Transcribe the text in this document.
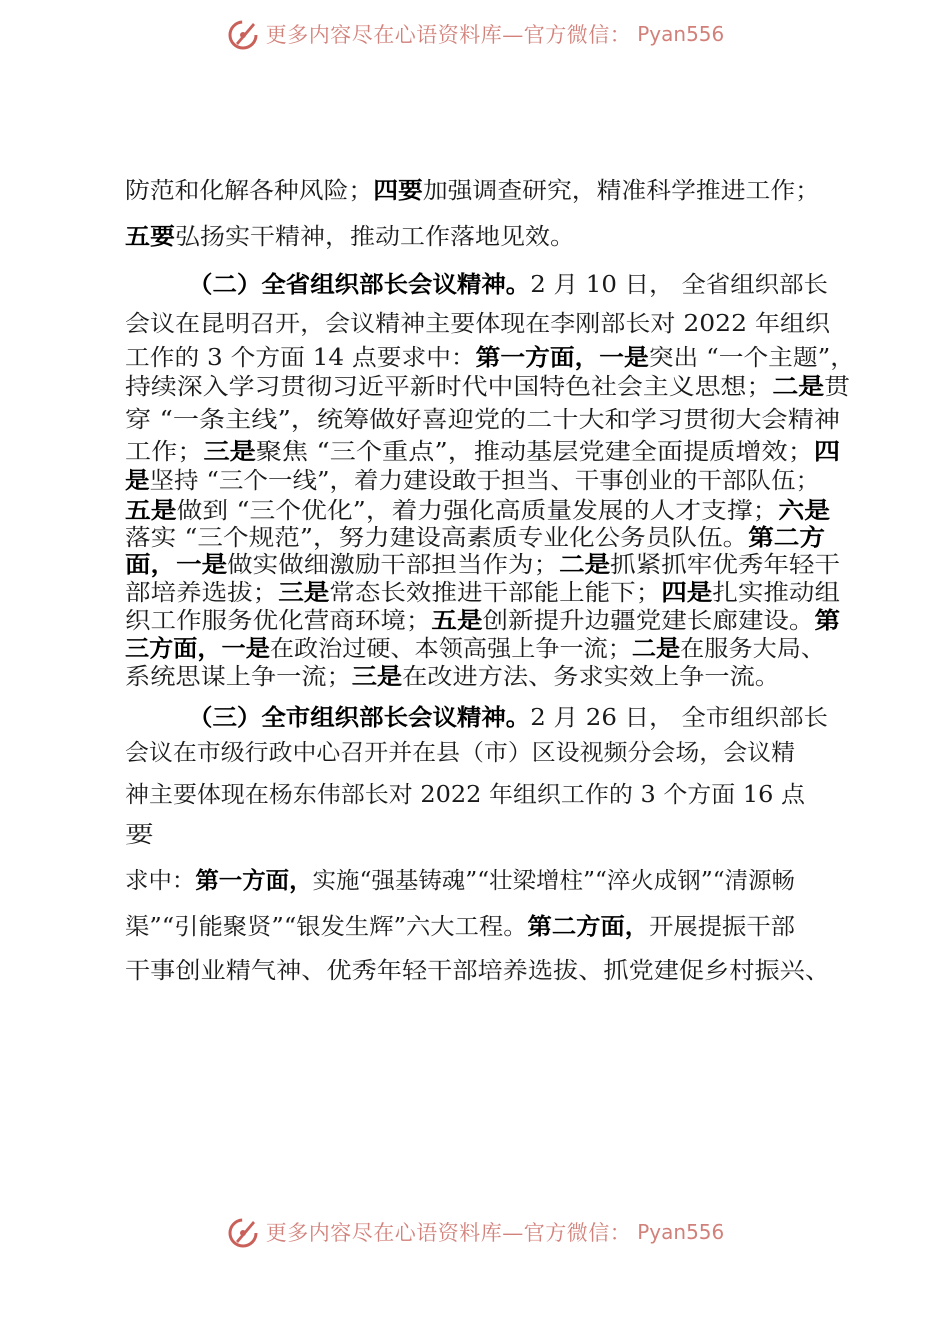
更多内容尽在心语资料库—官方微信： Pyan556
防范和化解各种风险；四要加强调查研究，精准科学推进工作；
五要弘扬实干精神，推动工作落地见效。
（二）全省组织部长会议精神。2 月 10 日， 全省组织部长
会议在昆明召开，会议精神主要体现在李刚部长对 2022 年组织
工作的 3 个方面 14 点要求中：第一方面，一是突出 “一个主题”，
持续深入学习贯彻习近平新时代中国特色社会主义思想；二是贯
穿 “一条主线”，统筹做好喜迎党的二十大和学习贯彻大会精神
工作；三是聚焦 “三个重点”，推动基层党建全面提质增效；四
是坚持 “三个一线”，着力建设敢于担当、干事创业的干部队伍；
五是做到 “三个优化”，着力强化高质量发展的人才支撑；六是
落实 “三个规范”，努力建设高素质专业化公务员队伍。第二方
面，一是做实做细激励干部担当作为；二是抓紧抓牢优秀年轻干
部培养选拔；三是常态长效推进干部能上能下；四是扎实推动组
织工作服务优化营商环境；五是创新提升边疆党建长廊建设。第
三方面，一是在政治过硬、本领高强上争一流；二是在服务大局、
系统思谋上争一流；三是在改进方法、务求实效上争一流。
（三）全市组织部长会议精神。2 月 26 日， 全市组织部长
会议在市级行政中心召开并在县（市）区设视频分会场，会议精
神主要体现在杨东伟部长对 2022 年组织工作的 3 个方面 16 点
要
求中：第一方面，实施“强基铸魂”“壮梁增柱”“淬火成钢”“清源畅
渠”“引能聚贤”“银发生辉”六大工程。第二方面，开展提振干部
干事创业精气神、优秀年轻干部培养选拔、抓党建促乡村振兴、
更多内容尽在心语资料库—官方微信： Pyan556
